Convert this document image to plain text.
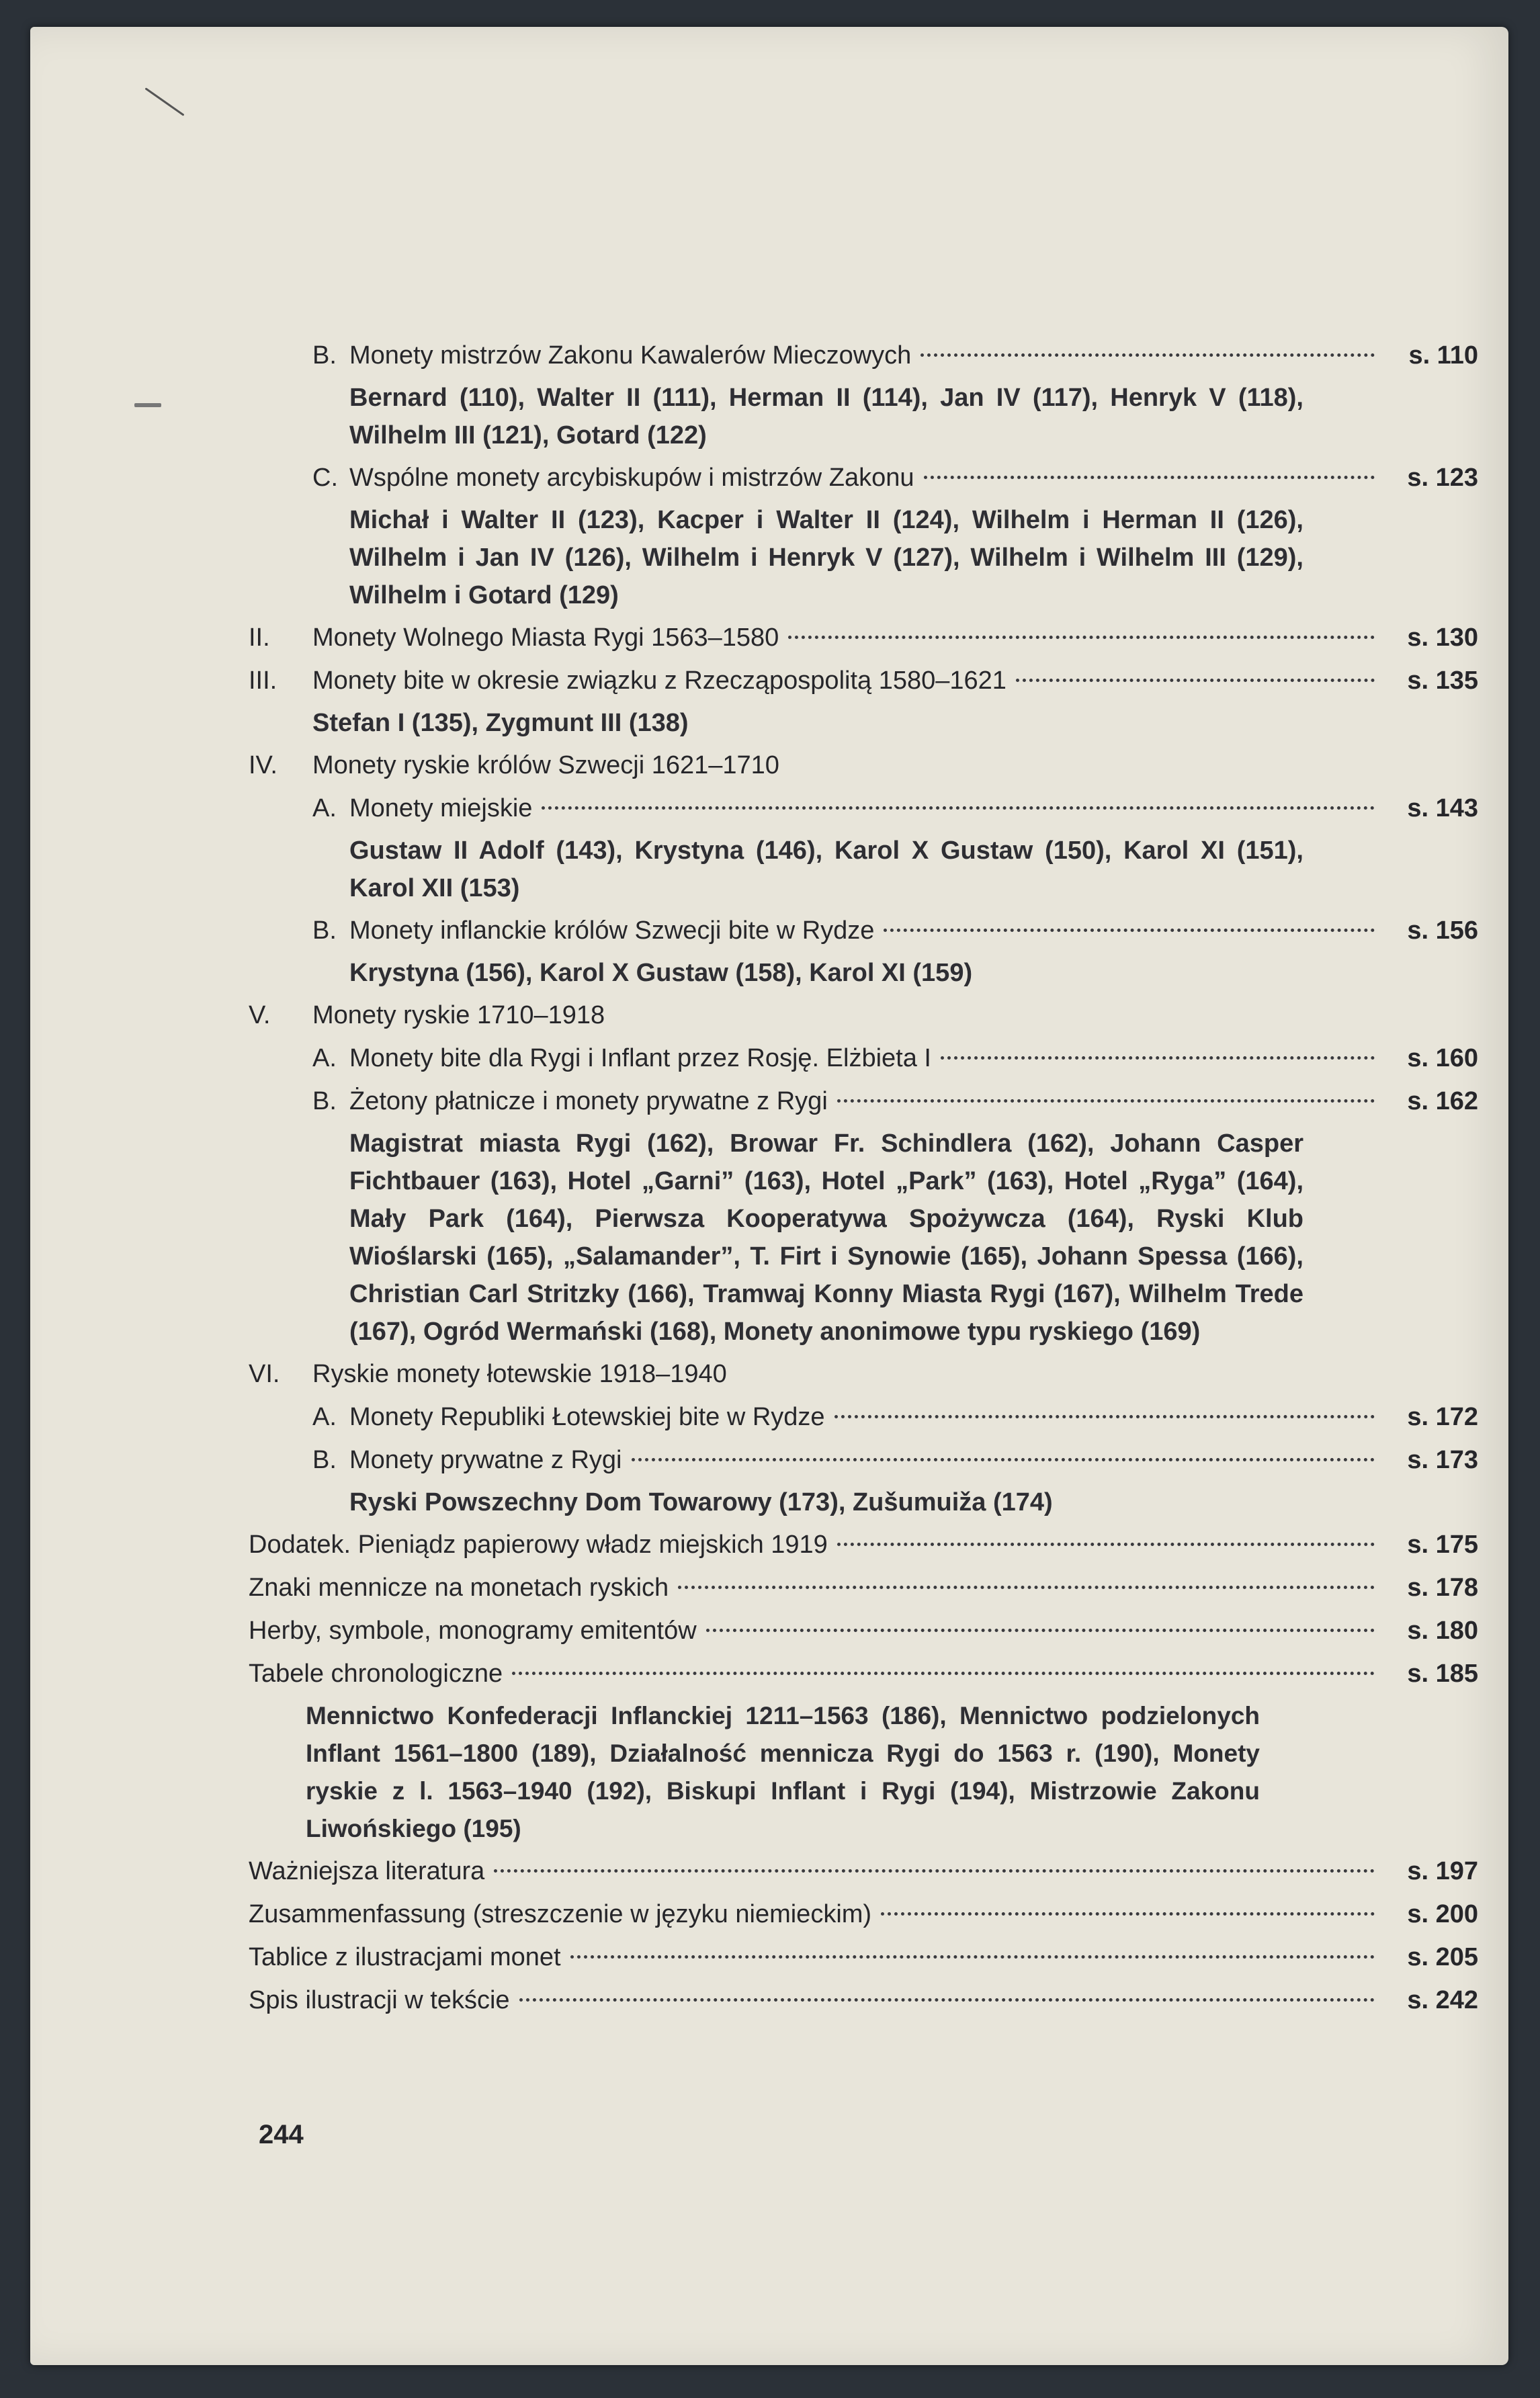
B. Monety mistrzów Zakonu Kawalerów Mieczowych	s. 110
Bernard (110), Walter II (111), Herman II (114), Jan IV (117), Henryk V (118), Wilhelm III (121), Gotard (122)
C. Wspólne monety arcybiskupów i mistrzów Zakonu	s. 123
Michał i Walter II (123), Kacper i Walter II (124), Wilhelm i Herman II (126), Wilhelm i Jan IV (126), Wilhelm i Henryk V (127), Wilhelm i Wilhelm III (129), Wilhelm i Gotard (129)
II.	Monety Wolnego Miasta Rygi 1563–1580	s. 130
III.	Monety bite w okresie związku z Rzecząpospolitą 1580–1621	s. 135
Stefan I (135), Zygmunt III (138)
IV.	Monety ryskie królów Szwecji 1621–1710
A. Monety miejskie	s. 143
Gustaw II Adolf (143), Krystyna (146), Karol X Gustaw (150), Karol XI (151), Karol XII (153)
B. Monety inflanckie królów Szwecji bite w Rydze	s. 156
Krystyna (156), Karol X Gustaw (158), Karol XI (159)
V.	Monety ryskie 1710–1918
A. Monety bite dla Rygi i Inflant przez Rosję. Elżbieta I	s. 160
B. Żetony płatnicze i monety prywatne z Rygi	s. 162
Magistrat miasta Rygi (162), Browar Fr. Schindlera (162), Johann Casper Fichtbauer (163), Hotel „Garni” (163), Hotel „Park” (163), Hotel „Ryga” (164), Mały Park (164), Pierwsza Kooperatywa Spożywcza (164), Ryski Klub Wioślarski (165), „Salamander”, T. Firt i Synowie (165), Johann Spessa (166), Christian Carl Stritzky (166), Tramwaj Konny Miasta Rygi (167), Wilhelm Trede (167), Ogród Wermański (168), Monety anonimowe typu ryskiego (169)
VI.	Ryskie monety łotewskie 1918–1940
A. Monety Republiki Łotewskiej bite w Rydze	s. 172
B. Monety prywatne z Rygi	s. 173
Ryski Powszechny Dom Towarowy (173), Zušumuiža (174)
Dodatek. Pieniądz papierowy władz miejskich 1919	s. 175
Znaki mennicze na monetach ryskich	s. 178
Herby, symbole, monogramy emitentów	s. 180
Tabele chronologiczne	s. 185
Mennictwo Konfederacji Inflanckiej 1211–1563 (186), Mennictwo podzielonych Inflant 1561–1800 (189), Działalność mennicza Rygi do 1563 r. (190), Monety ryskie z l. 1563–1940 (192), Biskupi Inflant i Rygi (194), Mistrzowie Zakonu Liwońskiego (195)
Ważniejsza literatura	s. 197
Zusammenfassung (streszczenie w języku niemieckim)	s. 200
Tablice z ilustracjami monet	s. 205
Spis ilustracji w tekście	s. 242
244
